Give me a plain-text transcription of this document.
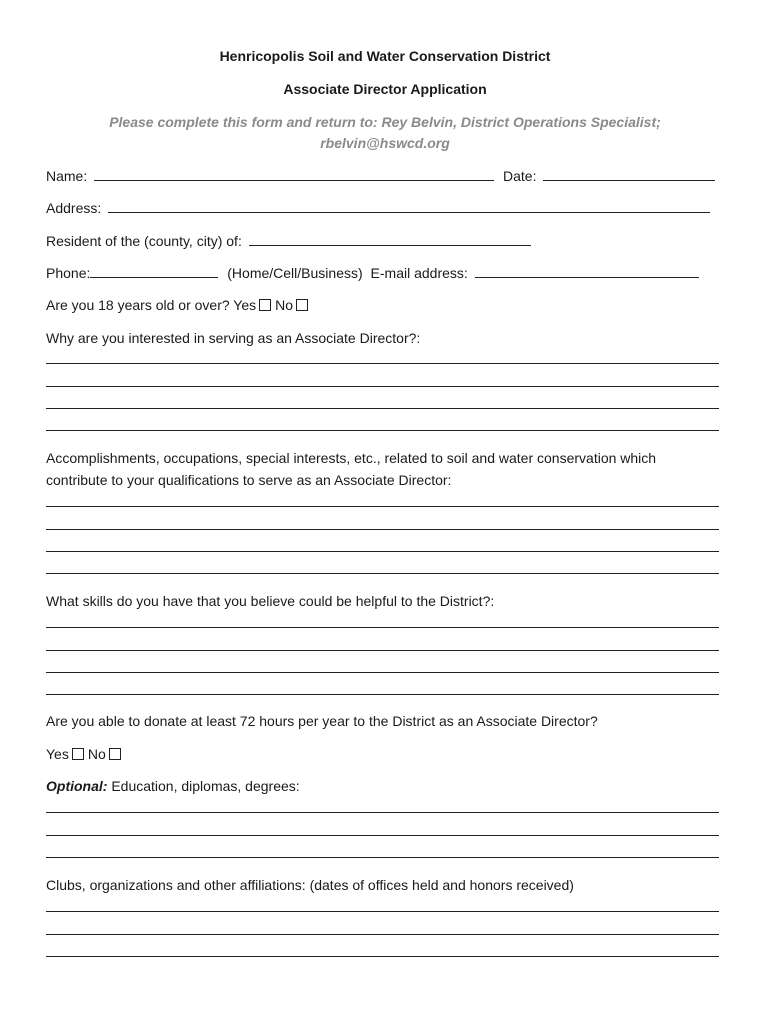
Henricopolis Soil and Water Conservation District
Associate Director Application
Please complete this form and return to: Rey Belvin, District Operations Specialist;
rbelvin@hswcd.org
Name:	Date:
Address:
Resident of the (county, city) of:
Phone:	(Home/Cell/Business) E-mail address:
Are you 18 years old or over? Yes No
Why are you interested in serving as an Associate Director?:
Accomplishments, occupations, special interests, etc., related to soil and water conservation which
contribute to your qualifications to serve as an Associate Director:
What skills do you have that you believe could be helpful to the District?:
Are you able to donate at least 72 hours per year to the District as an Associate Director?
Yes No
Optional: Education, diplomas, degrees:
Clubs, organizations and other affiliations: (dates of offices held and honors received)
